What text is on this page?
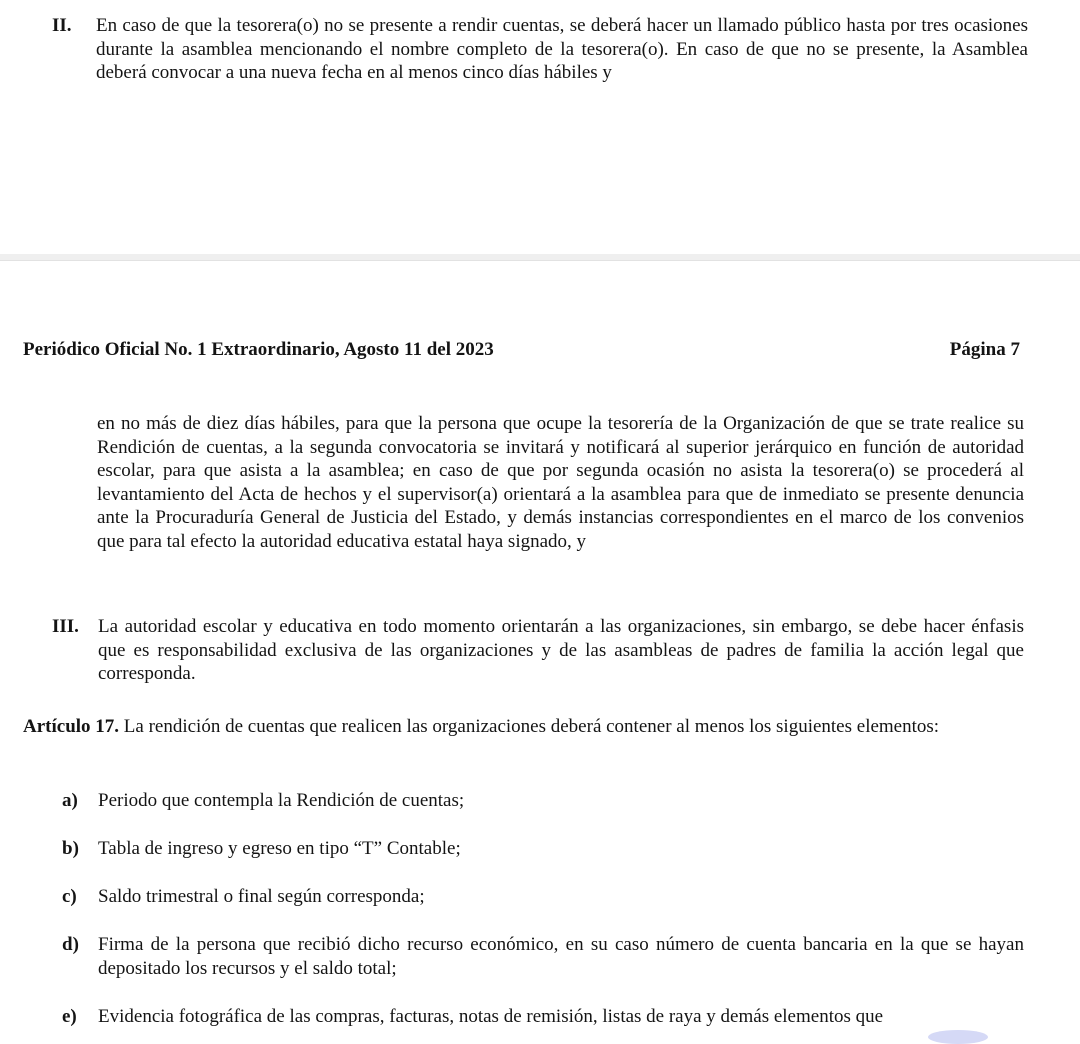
II.	En caso de que la tesorera(o) no se presente a rendir cuentas, se deberá hacer un llamado público hasta por tres ocasiones durante la asamblea mencionando el nombre completo de la tesorera(o). En caso de que no se presente, la Asamblea deberá convocar a una nueva fecha en al menos cinco días hábiles y
Periódico Oficial No. 1 Extraordinario, Agosto 11 del 2023	Página 7
en no más de diez días hábiles, para que la persona que ocupe la tesorería de la Organización de que se trate realice su Rendición de cuentas, a la segunda convocatoria se invitará y notificará al superior jerárquico en función de autoridad escolar, para que asista a la asamblea; en caso de que por segunda ocasión no asista la tesorera(o) se procederá al levantamiento del Acta de hechos y el supervisor(a) orientará a la asamblea para que de inmediato se presente denuncia ante la Procuraduría General de Justicia del Estado, y demás instancias correspondientes en el marco de los convenios que para tal efecto la autoridad educativa estatal haya signado, y
III.	La autoridad escolar y educativa en todo momento orientarán a las organizaciones, sin embargo, se debe hacer énfasis que es responsabilidad exclusiva de las organizaciones y de las asambleas de padres de familia la acción legal que corresponda.
Artículo 17. La rendición de cuentas que realicen las organizaciones deberá contener al menos los siguientes elementos:
a)	Periodo que contempla la Rendición de cuentas;
b)	Tabla de ingreso y egreso en tipo “T” Contable;
c)	Saldo trimestral o final según corresponda;
d)	Firma de la persona que recibió dicho recurso económico, en su caso número de cuenta bancaria en la que se hayan depositado los recursos y el saldo total;
e)	Evidencia fotográfica de las compras, facturas, notas de remisión, listas de raya y demás elementos que
